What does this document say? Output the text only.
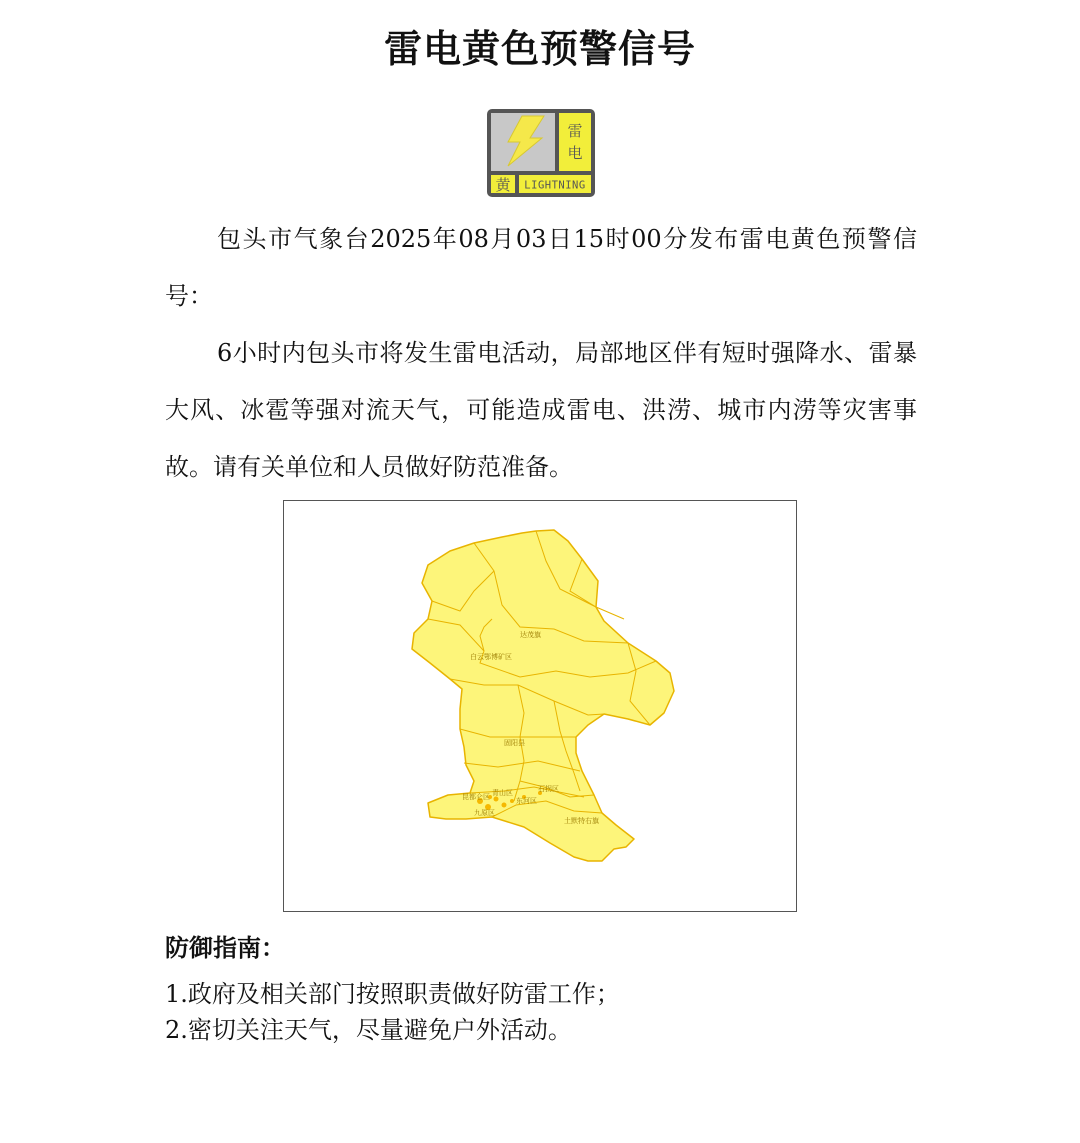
雷电黄色预警信号
雷
电
黄 LIGHTNING

包头市气象台2025年08月03日15时00分发布雷电黄色预警信号：

6小时内包头市将发生雷电活动，局部地区伴有短时强降水、雷暴大风、冰雹等强对流天气，可能造成雷电、洪涝、城市内涝等灾害事故。请有关单位和人员做好防范准备。

达茂旗
白云鄂博矿区
固阳县
石拐区
九原区
昆都仑区 青山区
东河区
土默特右旗
防御指南：
1.政府及相关部门按照职责做好防雷工作；
2.密切关注天气，尽量避免户外活动。
